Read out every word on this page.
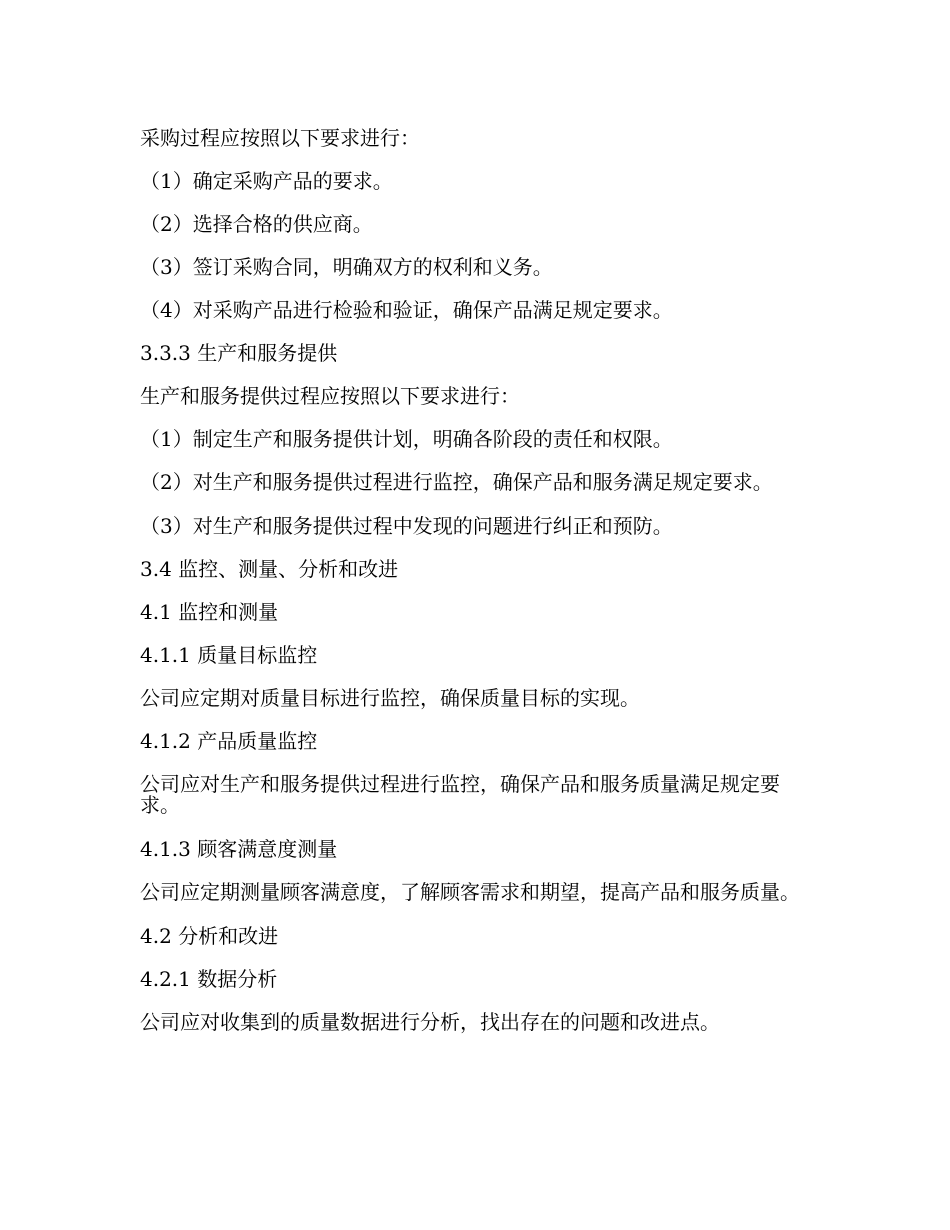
采购过程应按照以下要求进行：

（1）确定采购产品的要求。

（2）选择合格的供应商。

（3）签订采购合同，明确双方的权利和义务。

（4）对采购产品进行检验和验证，确保产品满足规定要求。

3.3.3 生产和服务提供

生产和服务提供过程应按照以下要求进行：

（1）制定生产和服务提供计划，明确各阶段的责任和权限。

（2）对生产和服务提供过程进行监控，确保产品和服务满足规定要求。

（3）对生产和服务提供过程中发现的问题进行纠正和预防。

3.4 监控、测量、分析和改进

4.1 监控和测量

4.1.1 质量目标监控

公司应定期对质量目标进行监控，确保质量目标的实现。

4.1.2 产品质量监控

公司应对生产和服务提供过程进行监控，确保产品和服务质量满足规定要求。

4.1.3 顾客满意度测量

公司应定期测量顾客满意度，了解顾客需求和期望，提高产品和服务质量。

4.2 分析和改进

4.2.1 数据分析

公司应对收集到的质量数据进行分析，找出存在的问题和改进点。
